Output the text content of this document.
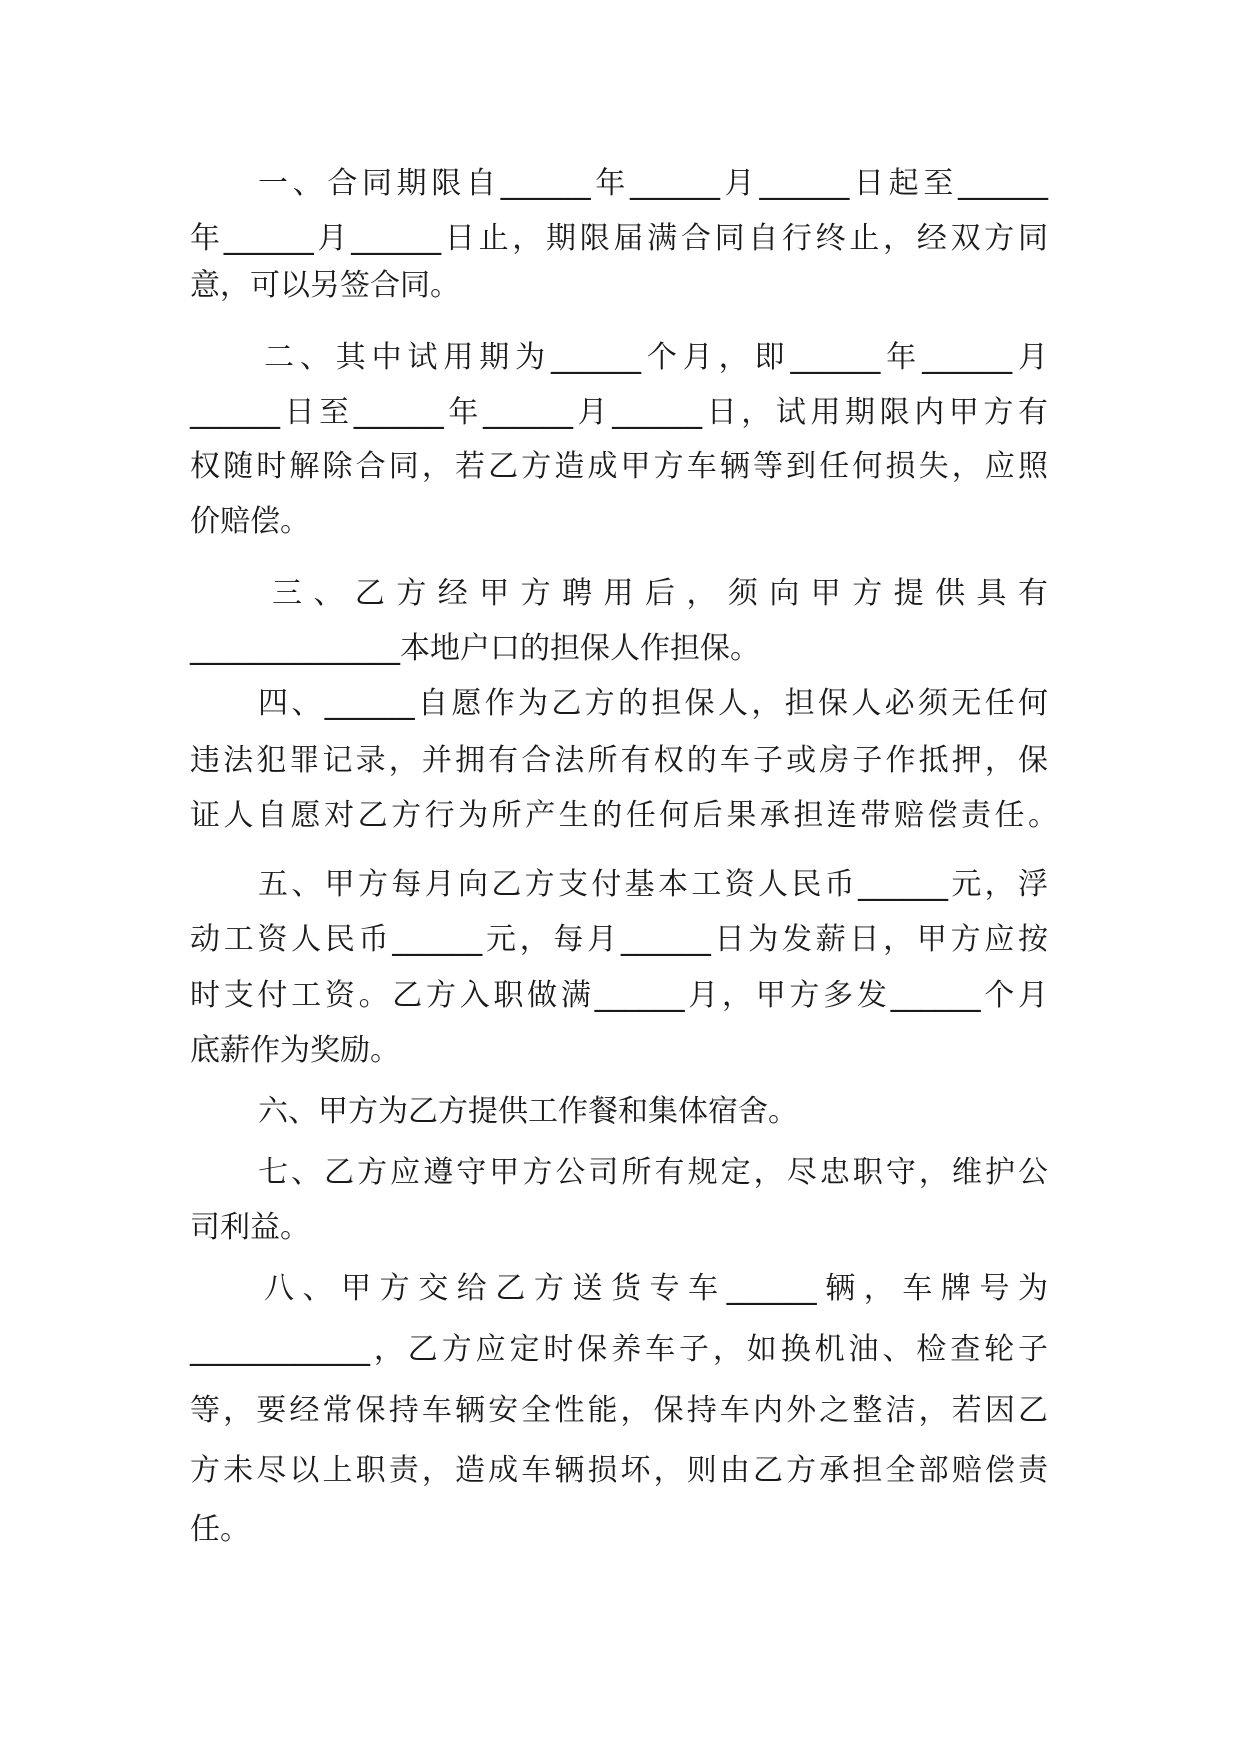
一、合同期限自______年______月______日起至______
年______月______日止，期限届满合同自行终止，经双方同
意，可以另签合同。
二、其中试用期为______个月，即______年______月
______日至______年______月______日，试用期限内甲方有
权随时解除合同，若乙方造成甲方车辆等到任何损失，应照
价赔偿。
三、乙方经甲方聘用后，须向甲方提供具有
______________本地户口的担保人作担保。
四、______自愿作为乙方的担保人，担保人必须无任何
违法犯罪记录，并拥有合法所有权的车子或房子作抵押，保
证人自愿对乙方行为所产生的任何后果承担连带赔偿责任。
五、甲方每月向乙方支付基本工资人民币______元，浮
动工资人民币______元，每月______日为发薪日，甲方应按
时支付工资。乙方入职做满______月，甲方多发______个月
底薪作为奖励。
六、甲方为乙方提供工作餐和集体宿舍。
七、乙方应遵守甲方公司所有规定，尽忠职守，维护公
司利益。
八、甲方交给乙方送货专车______辆，车牌号为
____________，乙方应定时保养车子，如换机油、检查轮子
等，要经常保持车辆安全性能，保持车内外之整洁，若因乙
方未尽以上职责，造成车辆损坏，则由乙方承担全部赔偿责
任。
